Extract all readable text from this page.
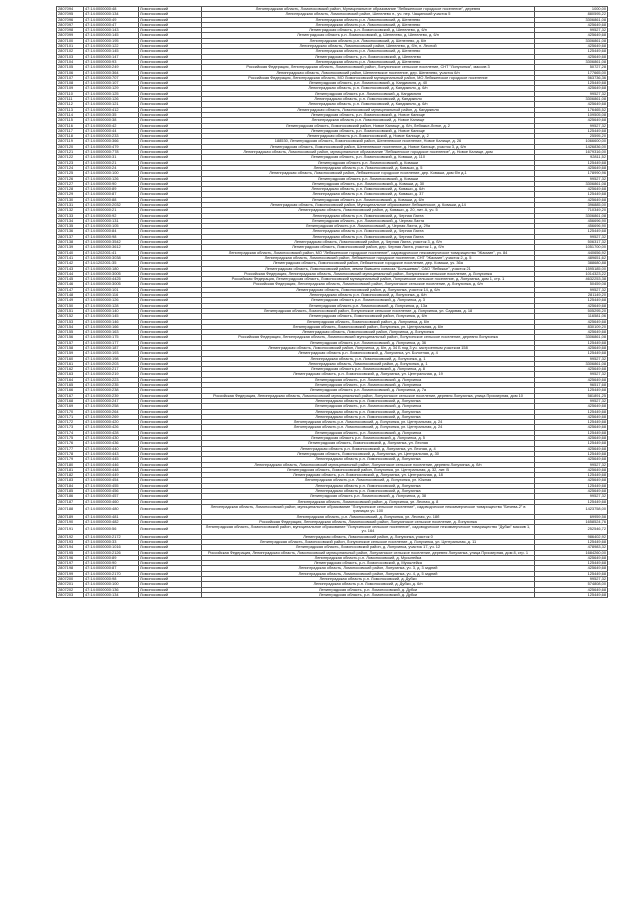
2807094	47:14:0000000:48	Ломоносовский	Ленинградская область, Ломоносовский район, Муниципальное образование "Лебяженское городское поселение", деревня	1000,00
2807095	47:14:0000000:134	Ломоносовский	Ленинградская область, Ломоносовский район, Шепелево п., уч. пер. Чащинский участок 5	880595,22
2807096	47:14:0000000:49	Ломоносовский	Ленинградская область р-н. Ломоносовский, д. Шепелево	3306861,08
2807097	47:14:0000000:47	Ломоносовский	Ленинградская область р-н. Ломоносовский, д. Шепелево	425649,68
2807098	47:14:0000000:143	Ломоносовский	Ленинградская область, р-н. Ломоносовский, д. Шепелево, д. 6/н	99527,32
2807099	47:14:0000000:145	Ломоносовский	Ленинградская область р-н. Ломоносовский, д. Шепелево, д. Шепелево, д. 6/н	425649,68
2807100	47:14:0000000:195	Ломоносовский	Ленинградская область р-н. Ломоносовский, д. Шепелево, д. 6/н	3306861,08
2807101	47:14:0000000:122	Ломоносовский	Ленинградская область, Ломоносовский район, Шепелево, д. б/н, п. Лесной	425649,68
2807102	47:14:0000000:145	Ломоносовский	Ленинградская область р-н. Ломоносовский, д. Шепелево	125449,68
2807103	47:14:0000000:147	Ломоносовский	Ленинградская область, р-н. Ломоносовский, д. Шепелево	425649,68
2807104	47:14:0000000:93	Ломоносовский	Ленинградская область р-н. Ломоносовский, д. Шепелево	3306861,08
2807105	47:14:0000000:249	Ломоносовский	Российская Федерация, Ленинградская область, Ломоносовский район, Лопухинское сельское поселение, СНТ "Лопухинка", массив 3	50727,28
2807106	47:14:0000000:364	Ломоносовский	Ленинградская область, Ломоносовский район, Шепелевское поселение, дер. Шепелево, участок 6/н	177665,00
2807107	47:14:0000000:707	Ломоносовский	Российская Федерация, Ленинградская область, МО Ломоносовский муниципальный район, МО Лебяженское городское поселение	563736,36
2807108	47:14:0000000:107	Ломоносовский	Ленинградская область, р-н. Ломоносовский, д. Кандикюля, д. 40	125449,68
2807109	47:14:0000000:129	Ломоносовский	Ленинградская область, р-н. Ломоносовский, д. Кандикюля, д. 6/н	425649,68
2807110	47:14:0000000:125	Ломоносовский	Ленинградская область р-н. Ломоносовский, д. Кандикюля	99527,32
2807111	47:14:0000000:126	Ломоносовский	Ленинградская область, р-н. Ломоносовский, д. Кандикюля	3306861,08
2807112	47:14:0000000:121	Ломоносовский	Ленинградская область, р-н. Ломоносовский, д. Кандикюля, д. 6/н	425649,68
2807113	47:14:0000000:412	Ломоносовский	Ленинградская область, Ломоносовский муниципальный район, д. Кандикюля	176465,52
2807114	47:14:0000000:35	Ломоносовский	Ленинградская область, р-н. Ломоносовский, д. Новое Калище	109505,08
2807115	47:14:0000000:38	Ломоносовский	Ленинградская область р-н. Ломоносовский, д. Новое Калище	425649,68
2807116	47:14:0000000:42	Ломоносовский	Ленинградская область, Ломоносовский район, Новое Калище, д. б/н, Лебяжье-Литке, д. 2	99527,32
2807117	47:14:0000000:44	Ломоносовский	Ленинградская область, р-н. Ломоносовский, д. Новое Калище	125449,68
2807118	47:14:0000000:233	Ломоносовский	Ленинградская область р-н. Ломоносовский, д. Новое Калище, д. 2	25595,20
2807119	47:14:0000000:366	Ломоносовский	188530, Ленинградская область, Ломоносовский район, Шепелевское поселение, Новое Калище, д. 26	1066600,00
2807120	47:14:0000000:479	Ломоносовский	Ленинградская область, Ломоносовский район, Шепелевское поселение, д. Новое Калище, участок 3, д. 6/н	1426836,00
2807121	47:14:0000000:778	Ломоносовский	Ленинградская область, Ломоносовский район, муниципальное образование "Лебяженское городское поселение", д. Новое Калище, дом	1679316,00
2807122	47:14:0000000:31	Ломоносовский	Ленинградская область, р-н. Ломоносовский, д. Коваши, д. 110	92811,52
2807123	47:14:0000000:21	Ломоносовский	Ленинградская область р-н. Ломоносовский, д. Коваши	125449,68
2807124	47:14:0000000:24	Ломоносовский	Ленинградская область р-н. Ломоносовский, д. Коваши, д. 5	425649,68
2807125	47:14:0000000:100	Ломоносовский	Ленинградская область, Ломоносовский район, Лебяженское городское поселение, дер. Коваши, дом б/н д.1	178990,96
2807126	47:14:0000000:126	Ломоносовский	Ленинградская область р-н. Ломоносовский, д. Коваши	99527,32
2807127	47:14:0000000:90	Ломоносовский	Ленинградская область, р-н. Ломоносовский, д. Коваши, д. 30	3306861,08
2807128	47:14:0000000:89	Ломоносовский	Ленинградская область, р-н. Ломоносовский, д. Коваши, д. 6/н	425649,68
2807129	47:14:0000000:87	Ломоносовский	Ленинградская область р-н. Ломоносовский, д. Коваши, д. 37	125449,68
2807130	47:14:0000000:88	Ломоносовский	Ленинградская область р-н. Ломоносовский, д. Коваши, д. 6/н	425649,68
2807131	47:14:0000000:2032	Ломоносовский	Ленинградская область, Ломоносовский район, Муниципальное образование Лебяженское, д. Коваши, д.14	396885,00
2807132	47:14:0000000:21	Ломоносовский	Ленинградская область, Ломоносовский район, д. Коваши, д. 20, лит. А, уч. 5	710349,20
2807133	47:14:0000000:92	Ломоносовский	Ленинградская область р-н. Ломоносовский, д. Черная Лахта	3306861,08
2807134	47:14:0000000:131	Ломоносовский	Ленинградская область, р-н. Ломоносовский, д. Черная Лахта	456696,90
2807135	47:14:0000000:105	Ломоносовский	Ленинградская область р-н. Ломоносовский, д. Черная Лахта, д. 29а	456696,90
2807136	47:14:0000000:84	Ломоносовский	Ленинградская область р-н. Ломоносовский, д. Черная Лахта	125449,68
2807137	47:14:0000000:98	Ломоносовский	Ленинградская область р-н. Ломоносовский, д. Черная Лахта	99527,32
2807138	47:14:0000000:3542	Ломоносовский	Ленинградская область, Ломоносовский район, д. Черная Лахта, участок 3, д. б/н	506317,32
2807139	47:14:0000000:3612	Ломоносовский	Ленинградская область, Ломоносовский район, дер. Черная Лахта, участок 1, д. б/н	1051700,00
2807140	47:14:1202001:41	Ломоносовский	Ленинградская область, Ломоносовский район, МО "Лебяженское городское поселение", садоводческое некоммерческое товарищество "Жасмин", уч. 84	440656,92
2807141	47:14:0000000:3038	Ломоносовский	Ленинградская область, Ломоносовский район, Лебяженское городское поселение, СНТ "Жасмин", участок 2, д. 5	489651,62
2807142	47:14:1202001:35	Ломоносовский	Ленинградская область, Ломоносовский район, Лебяженское городское поселение, дер. Коваши, уч. 36а	388680,88
2807143	47:14:0000000:180	Ломоносовский	Ленинградская область, Ломоносовский район, земли бывшего совхоза "Большевик", ОАО "Лебяжье", участок 21	1595185,00
2807144	47:14:0000000:3005	Ломоносовский	Российская Федерация, Ленинградская область, Ломоносовский муниципальный район, Лопухинское сельское поселение, д. Лопухинка	1014323,22
2807145	47:14:0000000:4425	Ломоносовский	Российская Федерация, Ленинградская область, Ломоносовский муниципальный район, Лопухинское сельское поселение, д. Лопухинка, дом 1, стр. 1	4632253,38
2807146	47:14:0000000:3005	Ломоносовский	Российская Федерация, Ленинградская область, Ломоносовский район, Лопухинское сельское поселение, д. Лопухинка, д. 6/н	50459,08
2807147	47:14:0000000:101	Ломоносовский	Ленинградская область, Ломоносовский район, д. Лопухинка, участок 14, д. 6/н	99527,32
2807148	47:14:0000000:116	Ломоносовский	Ленинградская область р-н. Ломоносовский, д. Лопухинка, д. 6/н	281149,20
2807149	47:14:0000000:126	Ломоносовский	Ленинградская область р-н. Ломоносовский, д. Лопухинка, д. 3	125449,68
2807150	47:14:0000000:128	Ломоносовский	Ленинградская область р-н. Ломоносовский, д. Лопухинка, д. 13а	425649,68
2807151	47:14:0000000:140	Ломоносовский	Ленинградская область, Ломоносовский район, Лопухинское сельское поселение, д. Лопухинка, ул. Садовая, д. 18	505295,20
2807152	47:14:0000000:145	Ломоносовский	Ленинградская область, Ломоносовский район, Лопухинка, д. 6/н	116581,06
2807153	47:14:0000000:146	Ломоносовский	Ленинградская область, Ломоносовский район, д. Лопухинка, д. 6/н	425649,68
2807154	47:14:0000000:166	Ломоносовский	Ленинградская область, Ломоносовский район, Лопухинка, ул. Центральная, д. 6/н	830109,20
2807155	47:14:0000000:163	Ломоносовский	Ленинградская область, Ломоносовский район, Лопухинка, д. Лопухинка	425649,68
2807156	47:14:0000000:175	Ломоносовский	Российская Федерация, Ленинградская область, Ломоносовский муниципальный район, Лопухинское сельское поселение, деревня Лопухинка	3306861,08
2807157	47:14:0000000:177	Ломоносовский	Ленинградская область р-н. Ломоносовский, д. Лопухинка, д. 36	125449,68
2807158	47:14:0000000:187	Ломоносовский	Ленинградская область, Ломоносовский район, Лопухинка, д. 6/н, д. 34 Б под 3 уч. застроенным участком 158	425649,68
2807159	47:14:0000000:193	Ломоносовский	Ленинградская область р-н. Ломоносовский, д. Лопухинка, ул. Болотная, д. 4	125449,68
2807160	47:14:0000000:198	Ломоносовский	Ленинградская область, р-н. Ломоносовский, д. Лопухинка, д. 1	99527,32
2807161	47:14:0000000:203	Ломоносовский	Ленинградская область, Ломоносовский район, д. Лопухинка, д. 1	3306861,08
2807162	47:14:0000000:217	Ломоносовский	Ленинградская область р-н. Ломоносовский, д. Лопухинка, д. 8	425649,68
2807163	47:14:0000000:219	Ломоносовский	Ленинградская область, р-н. Ломоносовский, д. Лопухинка, ул. Центральная, д. 19	99527,32
2807164	47:14:0000000:223	Ломоносовский	Ленинградская область, р-н. Ломоносовский, д. Лопухинка	425649,68
2807165	47:14:0000000:235	Ломоносовский	Ленинградская область, р-н. Ломоносовский, д. Лопухинка	96517,68
2807166	47:14:0000000:238	Ломоносовский	Ленинградская область р-н. Ломоносовский, д. Лопухинка, д. 7а	125449,68
2807167	47:14:0000000:239	Ломоносовский	Российская Федерация, Ленинградская область, Ломоносовский муниципальный район, Лопухинское сельское поселение, деревня Лопухинка, улица Приозерная, дом 10	581891,25
2807168	47:14:0000000:247	Ломоносовский	Ленинградская область р-н. Ломоносовский, д. Лопухинка	99527,32
2807169	47:14:0000000:258	Ломоносовский	Ленинградская область, р-н. Ломоносовский, д. Лопухинка	425649,68
2807170	47:14:0000000:264	Ломоносовский	Ленинградская область р-н. Ломоносовский, д. Лопухинка	125449,68
2807171	47:14:0000000:269	Ломоносовский	Ленинградская область р-н. Ломоносовский, д. Лопухинка	425649,68
2807172	47:14:0000000:420	Ломоносовский	Ленинградская область р-н. Ломоносовский, д. Лопухинка, ул. Центральная, д. 24	125449,68
2807173	47:14:0000000:426	Ломоносовский	Ленинградская область р-н. Ломоносовский, д. Лопухинка, ул. Центральная, д. 24	425649,68
2807174	47:14:0000000:428	Ломоносовский	Ленинградская область, р-н. Ломоносовский, д. Лопухинка	125449,68
2807175	47:14:0000000:430	Ломоносовский	Ленинградская область р-н. Ломоносовский, д. Лопухинка, д. 5	425649,68
2807176	47:14:0000000:436	Ломоносовский	Ленинградская область, Ломоносовский, д. Лопухинка, ул. Лесная	125449,68
2807177	47:14:0000000:440	Ломоносовский	Ленинградская область р-н. Ломоносовский, д. Лопухинка, ул. Лесная, д. 4	425649,68
2807178	47:14:0000000:443	Ломоносовский	Ленинградская область, Ломоносовский, д. Лопухинка, ул. Центральная, д. 30	125449,68
2807179	47:14:0000000:445	Ломоносовский	Ленинградская область р-н. Ломоносовский, д. Лопухинка	425649,68
2807180	47:14:0000000:446	Ломоносовский	Ленинградская область, Ломоносовский муниципальный район, Лопухинское сельское поселение, деревня Лопухинка, д. б/н	99527,32
2807181	47:14:0000000:448	Ломоносовский	Ленинградская область, Ломоносовский район, Лопухинка, ул. Центральная, д. 32, лит. В	425649,68
2807182	47:14:0000000:449	Ломоносовский	Ленинградская область, р-н. Ломоносовский, д. Лопухинка, ул. Центральная, д. 18	125449,68
2807183	47:14:0000000:454	Ломоносовский	Ленинградская область р-н. Ломоносовский, д. Лопухинка, ул. Южная	425649,68
2807184	47:14:0000000:455	Ломоносовский	Ленинградская область р-н. Ломоносовский, д. Лопухинка	125449,68
2807185	47:14:0000000:456	Ломоносовский	Ленинградская область р-н. Ломоносовский, д. Лопухинка	425649,68
2807186	47:14:0000000:457	Ломоносовский	Ленинградская область р-н. Ломоносовский, д. Лопухинка, д. 38	99527,32
2807187	47:14:0000000:460	Ломоносовский	Ленинградская область, Ломоносовский район, д. Лопухинка, ул. Лесная, д. 8	125449,68
2807188	47:14:0000000:480	Ломоносовский	Ленинградская область, Ломоносовский район, муниципальное образование "Лопухинское сельское поселение", садоводческое некоммерческое товарищество "Бечева-2" в границах уч. 100	1423758,00
2807189	47:14:0000000:481	Ломоносовский	Ленинградская область, р-н. Ломоносовский, д. Лопухинка, ул. Лесная, уч. 18б	69959,58
2807190	47:14:0000000:482	Ломоносовский	Российская Федерация, Ленинградская область, Ломоносовский район, Лопухинское сельское поселение, д. Лопухинка	1658524,76
2807191	47:14:0000000:56	Ломоносовский	Ленинградская область, Ломоносовский район, муниципальное образование "Лопухинское сельское поселение", садоводческое некоммерческое товарищество "Дубки" массив 1, уч. 164	252546,72
2807192	47:14:0000000:2172	Ломоносовский	Ленинградская область, Ломоносовский район, д. Лопухинка, участок 0	986402,92
2807193	47:14:0000000:33	Ломоносовский	Ленинградская область, Ломоносовский район, Лопухинское сельское поселение, д. Лопухинка, ул. Центральная, д. 11	125449,68
2807194	47:14:0000000:1016	Ломоносовский	Ленинградская область, Ломоносовский район, д. Лопухинка, участок 17, уч. 12	478983,32
2807195	47:14:0000000:2126	Ломоносовский	Российская Федерация, Ленинградская область, Ломоносовский муниципальный район, Лопухинское сельское поселение, деревня Лопухинка, улица Приозерная, дом 8, стр. 1	1684260,00
2807196	47:14:0000000:89	Ломоносовский	Ленинградская область р-н. Ломоносовский, д. Мусылейка	425649,68
2807197	47:14:0000000:90	Ломоносовский	Ленинградская область, р-н. Ломоносовский, д. Мусылейка	125449,68
2807198	47:14:0000000:87	Ломоносовский	Ленинградская область, Ломоносовский район, Лопухинка, уч. 3, д. 3 задний	425649,68
2807199	47:14:0000000:2170	Ломоносовский	Ленинградская область, Ломоносовский район, Лопухинка, уч. 4, д. 5 задний	125449,68
2807200	47:14:0000000:98	Ломоносовский	Ленинградская область р-н. Ломоносовский, д. Дубки	99527,32
2807201	47:14:0000000:100	Ломоносовский	Ленинградская область р-н. Ломоносовский, д. Дубки, д. 6/н	574808,00
2807202	47:14:0000000:136	Ломоносовский	Ленинградская область, р-н. Ломоносовский, д. Дубки	425649,68
2807203	47:14:0000000:134	Ломоносовский	Ленинградская область, р-н. Ломоносовский, д. Дубки	125449,68
